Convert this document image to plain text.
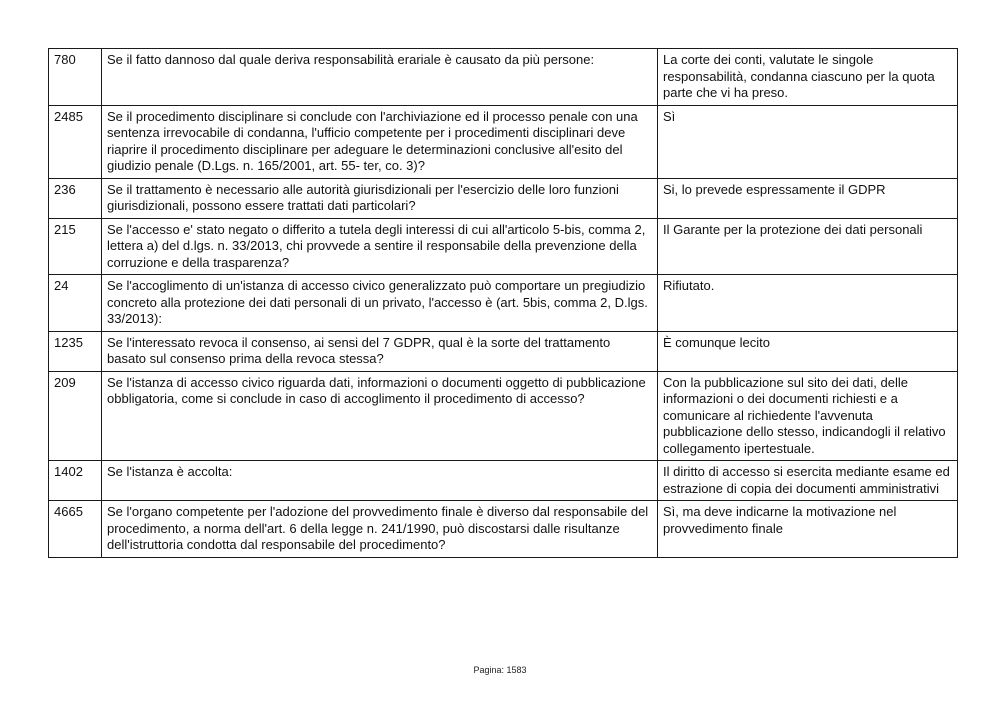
780	Se il fatto dannoso dal quale deriva responsabilità erariale è causato da più persone:	La corte dei conti, valutate le singole responsabilità, condanna ciascuno per la quota parte che vi ha preso.
2485	Se il procedimento disciplinare si conclude con l'archiviazione ed il processo penale con una sentenza irrevocabile di condanna, l'ufficio competente per i procedimenti disciplinari deve riaprire il procedimento disciplinare per adeguare le determinazioni conclusive all'esito del giudizio penale (D.Lgs. n. 165/2001, art. 55- ter, co. 3)?	Sì
236	Se il trattamento è necessario alle autorità giurisdizionali per l'esercizio delle loro funzioni giurisdizionali, possono essere trattati dati particolari?	Si, lo prevede espressamente il GDPR
215	Se l'accesso e' stato negato o differito a tutela degli interessi di cui all'articolo 5-bis, comma 2, lettera a) del d.lgs. n. 33/2013, chi provvede a sentire il responsabile della prevenzione della corruzione e della trasparenza?	Il Garante per la protezione dei dati personali
24	Se l'accoglimento di un'istanza di accesso civico generalizzato può comportare un pregiudizio concreto alla protezione dei dati personali di un privato, l'accesso è (art. 5bis, comma 2, D.lgs. 33/2013):	Rifiutato.
1235	Se l'interessato revoca il consenso, ai sensi del 7 GDPR, qual è la sorte del trattamento basato sul consenso prima della revoca stessa?	È comunque lecito
209	Se l'istanza di accesso civico riguarda dati, informazioni o documenti oggetto di pubblicazione obbligatoria, come si conclude in caso di accoglimento il procedimento di accesso?	Con la pubblicazione sul sito dei dati, delle informazioni o dei documenti richiesti e a comunicare al richiedente l'avvenuta pubblicazione dello stesso, indicandogli il relativo collegamento ipertestuale.
1402	Se l'istanza è accolta:	Il diritto di accesso si esercita mediante esame ed estrazione di copia dei documenti amministrativi
4665	Se l'organo competente per l'adozione del provvedimento finale è diverso dal responsabile del procedimento, a norma dell'art. 6 della legge n. 241/1990, può discostarsi dalle risultanze dell'istruttoria condotta dal responsabile del procedimento?	Sì, ma deve indicarne la motivazione nel provvedimento finale
Pagina: 1583
